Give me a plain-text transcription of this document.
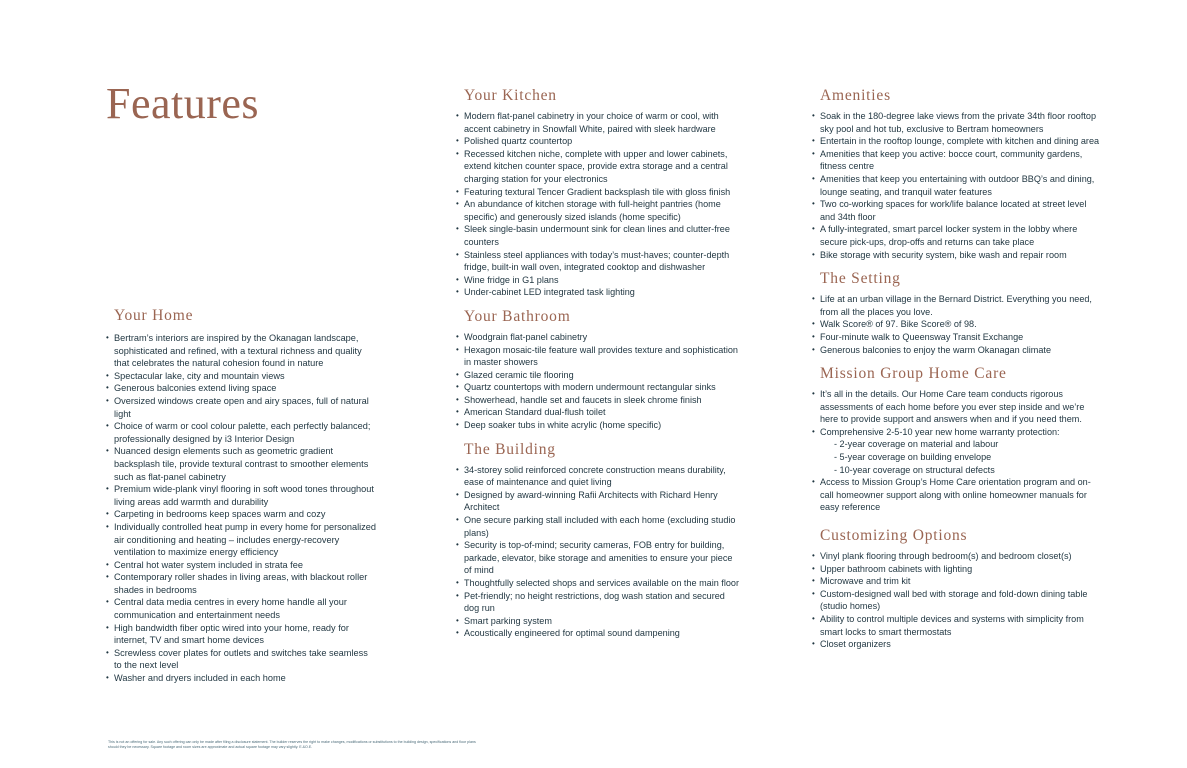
Features
Your Home
• Bertram’s interiors are inspired by the Okanagan landscape, sophisticated and refined, with a textural richness and quality that celebrates the natural cohesion found in nature
• Spectacular lake, city and mountain views
• Generous balconies extend living space
• Oversized windows create open and airy spaces, full of natural light
• Choice of warm or cool colour palette, each perfectly balanced; professionally designed by i3 Interior Design
• Nuanced design elements such as geometric gradient backsplash tile, provide textural contrast to smoother elements such as flat-panel cabinetry
• Premium wide-plank vinyl flooring in soft wood tones throughout living areas add warmth and durability
• Carpeting in bedrooms keep spaces warm and cozy
• Individually controlled heat pump in every home for personalized air conditioning and heating – includes energy-recovery ventilation to maximize energy efficiency
• Central hot water system included in strata fee
• Contemporary roller shades in living areas, with blackout roller shades in bedrooms
• Central data media centres in every home handle all your communication and entertainment needs
• High bandwidth fiber optic wired into your home, ready for internet, TV and smart home devices
• Screwless cover plates for outlets and switches take seamless to the next level
• Washer and dryers included in each home
Your Kitchen
• Modern flat-panel cabinetry in your choice of warm or cool, with accent cabinetry in Snowfall White, paired with sleek hardware
• Polished quartz countertop
• Recessed kitchen niche, complete with upper and lower cabinets, extend kitchen counter space, provide extra storage and a central charging station for your electronics
• Featuring textural Tencer Gradient backsplash tile with gloss finish
• An abundance of kitchen storage with full-height pantries (home specific) and generously sized islands (home specific)
• Sleek single-basin undermount sink for clean lines and clutter-free counters
• Stainless steel appliances with today’s must-haves; counter-depth fridge, built-in wall oven, integrated cooktop and dishwasher
• Wine fridge in G1 plans
• Under-cabinet LED integrated task lighting
Your Bathroom
• Woodgrain flat-panel cabinetry
• Hexagon mosaic-tile feature wall provides texture and sophistication in master showers
• Glazed ceramic tile flooring
• Quartz countertops with modern undermount rectangular sinks
• Showerhead, handle set and faucets in sleek chrome finish
• American Standard dual-flush toilet
• Deep soaker tubs in white acrylic (home specific)
The Building
• 34-storey solid reinforced concrete construction means durability, ease of maintenance and quiet living
• Designed by award-winning Rafii Architects with Richard Henry Architect
• One secure parking stall included with each home (excluding studio plans)
• Security is top-of-mind; security cameras, FOB entry for building, parkade, elevator, bike storage and amenities to ensure your piece of mind
• Thoughtfully selected shops and services available on the main floor
• Pet-friendly; no height restrictions, dog wash station and secured dog run
• Smart parking system
• Acoustically engineered for optimal sound dampening
Amenities
• Soak in the 180-degree lake views from the private 34th floor rooftop sky pool and hot tub, exclusive to Bertram homeowners
• Entertain in the rooftop lounge, complete with kitchen and dining area
• Amenities that keep you active: bocce court, community gardens, fitness centre
• Amenities that keep you entertaining with outdoor BBQ’s and dining, lounge seating, and tranquil water features
• Two co-working spaces for work/life balance located at street level and 34th floor
• A fully-integrated, smart parcel locker system in the lobby where secure pick-ups, drop-offs and returns can take place
• Bike storage with security system, bike wash and repair room
The Setting
• Life at an urban village in the Bernard District. Everything you need, from all the places you love.
• Walk Score® of 97. Bike Score® of 98.
• Four-minute walk to Queensway Transit Exchange
• Generous balconies to enjoy the warm Okanagan climate
Mission Group Home Care
• It’s all in the details. Our Home Care team conducts rigorous assessments of each home before you ever step inside and we’re here to provide support and answers when and if you need them.
• Comprehensive 2-5-10 year new home warranty protection:
- 2-year coverage on material and labour
- 5-year coverage on building envelope
- 10-year coverage on structural defects
• Access to Mission Group’s Home Care orientation program and on-call homeowner support along with online homeowner manuals for easy reference
Customizing Options
• Vinyl plank flooring through bedroom(s) and bedroom closet(s)
• Upper bathroom cabinets with lighting
• Microwave and trim kit
• Custom-designed wall bed with storage and fold-down dining table (studio homes)
• Ability to control multiple devices and systems with simplicity from smart locks to smart thermostats
• Closet organizers
This is not an offering for sale. Any such offering can only be made after filing a disclosure statement. The builder reserves the right to make changes, modifications or substitutions to the building design, specifications and floor plans should they be necessary. Square footage and room sizes are approximate and actual square footage may vary slightly. E.&O.E.
